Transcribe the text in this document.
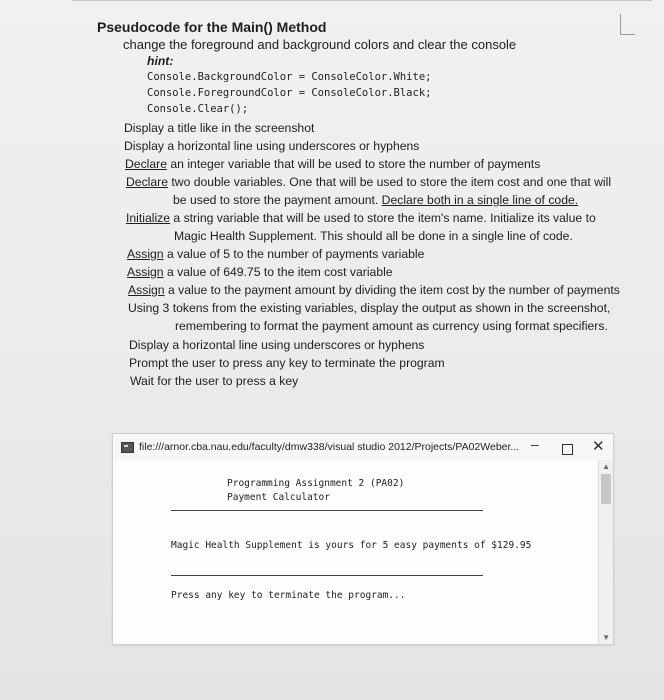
Pseudocode for the Main() Method
change the foreground and background colors and clear the console
hint:
Console.BackgroundColor = ConsoleColor.White;
Console.ForegroundColor = ConsoleColor.Black;
Console.Clear();
Display a title like in the screenshot
Display a horizontal line using underscores or hyphens
Declare an integer variable that will be used to store the number of payments
Declare two double variables. One that will be used to store the item cost and one that will
be used to store the payment amount. Declare both in a single line of code.
Initialize a string variable that will be used to store the item's name. Initialize its value to
Magic Health Supplement. This should all be done in a single line of code.
Assign a value of 5 to the number of payments variable
Assign a value of 649.75 to the item cost variable
Assign a value to the payment amount by dividing the item cost by the number of payments
Using 3 tokens from the existing variables, display the output as shown in the screenshot,
remembering to format the payment amount as currency using format specifiers.
Display a horizontal line using underscores or hyphens
Prompt the user to press any key to terminate the program
Wait for the user to press a key
file:///arnor.cba.nau.edu/faculty/dmw338/visual studio 2012/Projects/PA02Weber... –	✕
Programming Assignment 2 (PA02)
Payment Calculator
Magic Health Supplement is yours for 5 easy payments of $129.95
Press any key to terminate the program...
▲
▼
